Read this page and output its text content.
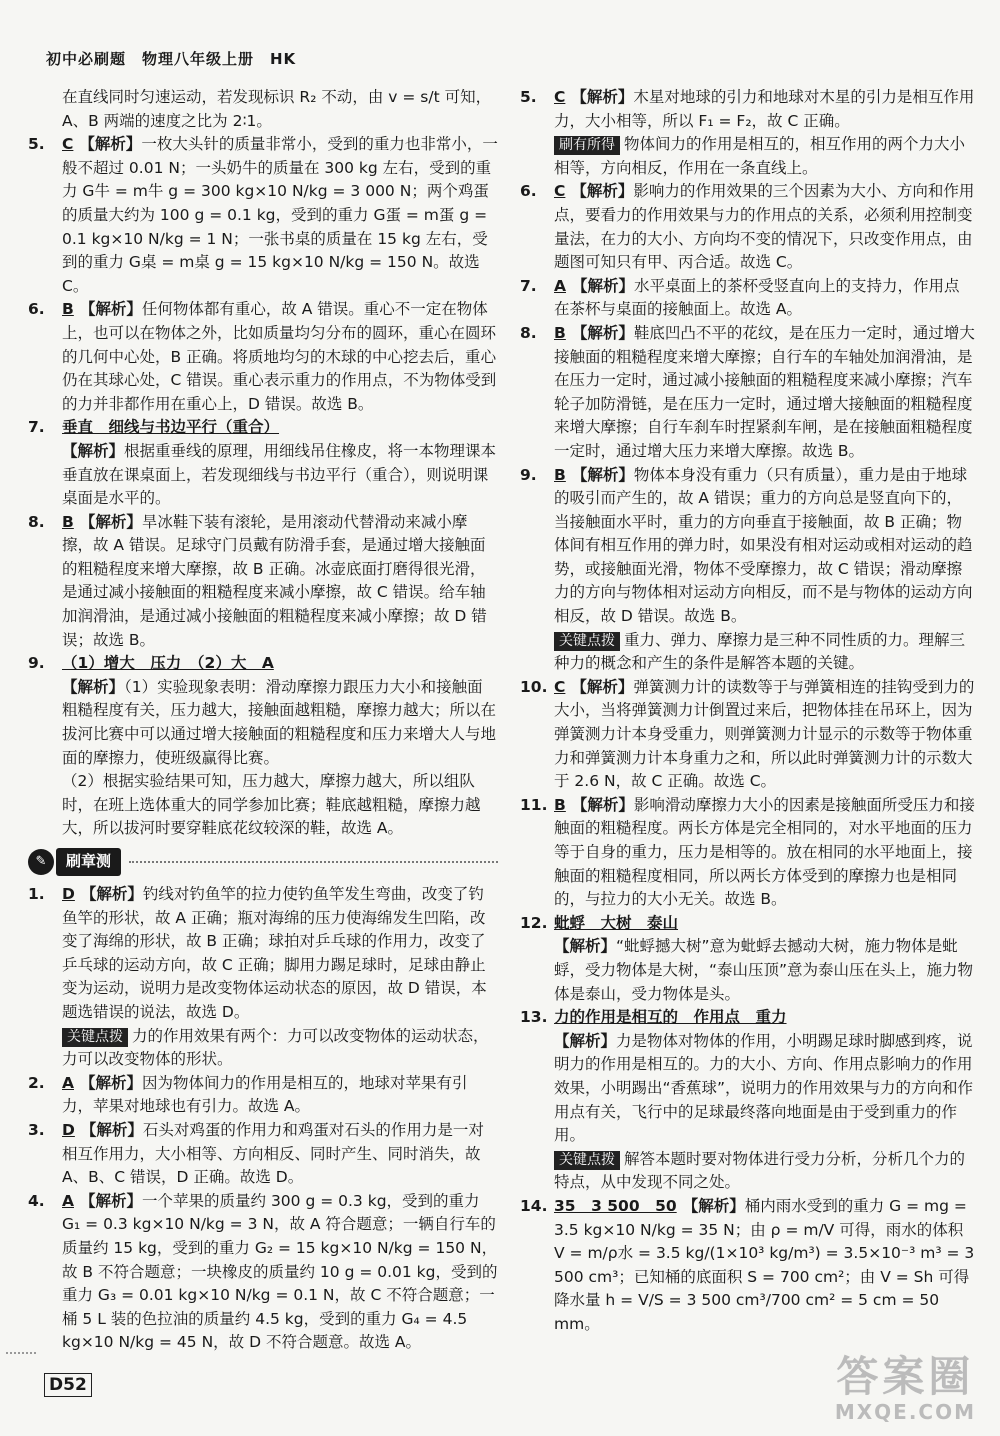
初中必刷题　物理八年级上册　HK

在直线同时匀速运动，若发现标识 R₂ 不动，由 v = s/t 可知，A、B 两端的速度之比为 2∶1。

5. C 【解析】一枚大头针的质量非常小，受到的重力也非常小，一般不超过 0.01 N；一头奶牛的质量在 300 kg 左右，受到的重力 G牛 = m牛 g = 300 kg×10 N/kg = 3 000 N；两个鸡蛋的质量大约为 100 g = 0.1 kg，受到的重力 G蛋 = m蛋 g = 0.1 kg×10 N/kg = 1 N；一张书桌的质量在 15 kg 左右，受到的重力 G桌 = m桌 g = 15 kg×10 N/kg = 150 N。故选 C。

6. B 【解析】任何物体都有重心，故 A 错误。重心不一定在物体上，也可以在物体之外，比如质量均匀分布的圆环，重心在圆环的几何中心处，B 正确。将质地均匀的木球的中心挖去后，重心仍在其球心处，C 错误。重心表示重力的作用点，不为物体受到的力并非都作用在重心上，D 错误。故选 B。

7. 垂直　细线与书边平行（重合）

【解析】根据重垂线的原理，用细线吊住橡皮，将一本物理课本垂直放在课桌面上，若发现细线与书边平行（重合），则说明课桌面是水平的。

8. B 【解析】旱冰鞋下装有滚轮，是用滚动代替滑动来减小摩擦，故 A 错误。足球守门员戴有防滑手套，是通过增大接触面的粗糙程度来增大摩擦，故 B 正确。冰壶底面打磨得很光滑，是通过减小接触面的粗糙程度来减小摩擦，故 C 错误。给车轴加润滑油，是通过减小接触面的粗糙程度来减小摩擦；故 D 错误；故选 B。

9. （1）增大　压力　（2）大　A

【解析】（1）实验现象表明：滑动摩擦力跟压力大小和接触面粗糙程度有关，压力越大，接触面越粗糙，摩擦力越大；所以在拔河比赛中可以通过增大接触面的粗糙程度和压力来增大人与地面的摩擦力，使班级赢得比赛。

（2）根据实验结果可知，压力越大，摩擦力越大，所以组队时，在班上选体重大的同学参加比赛；鞋底越粗糙，摩擦力越大，所以拔河时要穿鞋底花纹较深的鞋，故选 A。

✎	刷章测

1. D 【解析】钓线对钓鱼竿的拉力使钓鱼竿发生弯曲，改变了钓鱼竿的形状，故 A 正确；瓶对海绵的压力使海绵发生凹陷，改变了海绵的形状，故 B 正确；球拍对乒乓球的作用力，改变了乒乓球的运动方向，故 C 正确；脚用力踢足球时，足球由静止变为运动，说明力是改变物体运动状态的原因，故 D 错误，本题选错误的说法，故选 D。

关键点拨 力的作用效果有两个：力可以改变物体的运动状态，力可以改变物体的形状。

2. A 【解析】因为物体间力的作用是相互的，地球对苹果有引力，苹果对地球也有引力。故选 A。

3. D 【解析】石头对鸡蛋的作用力和鸡蛋对石头的作用力是一对相互作用力，大小相等、方向相反、同时产生、同时消失，故 A、B、C 错误，D 正确。故选 D。

4. A 【解析】一个苹果的质量约 300 g = 0.3 kg，受到的重力 G₁ = 0.3 kg×10 N/kg = 3 N，故 A 符合题意；一辆自行车的质量约 15 kg，受到的重力 G₂ = 15 kg×10 N/kg = 150 N，故 B 不符合题意；一块橡皮的质量约 10 g = 0.01 kg，受到的重力 G₃ = 0.01 kg×10 N/kg = 0.1 N，故 C 不符合题意；一桶 5 L 装的色拉油的质量约 4.5 kg，受到的重力 G₄ = 4.5 kg×10 N/kg = 45 N，故 D 不符合题意。故选 A。

5. C 【解析】木星对地球的引力和地球对木星的引力是相互作用力，大小相等，所以 F₁ = F₂，故 C 正确。

刷有所得 物体间力的作用是相互的，相互作用的两个力大小相等，方向相反，作用在一条直线上。

6. C 【解析】影响力的作用效果的三个因素为大小、方向和作用点，要看力的作用效果与力的作用点的关系，必须利用控制变量法，在力的大小、方向均不变的情况下，只改变作用点，由题图可知只有甲、丙合适。故选 C。

7. A 【解析】水平桌面上的茶杯受竖直向上的支持力，作用点在茶杯与桌面的接触面上。故选 A。

8. B 【解析】鞋底凹凸不平的花纹，是在压力一定时，通过增大接触面的粗糙程度来增大摩擦；自行车的车轴处加润滑油，是在压力一定时，通过减小接触面的粗糙程度来减小摩擦；汽车轮子加防滑链，是在压力一定时，通过增大接触面的粗糙程度来增大摩擦；自行车刹车时捏紧刹车闸，是在接触面粗糙程度一定时，通过增大压力来增大摩擦。故选 B。

9. B 【解析】物体本身没有重力（只有质量），重力是由于地球的吸引而产生的，故 A 错误；重力的方向总是竖直向下的，当接触面水平时，重力的方向垂直于接触面，故 B 正确；物体间有相互作用的弹力时，如果没有相对运动或相对运动的趋势，或接触面光滑，物体不受摩擦力，故 C 错误；滑动摩擦力的方向与物体相对运动方向相反，而不是与物体的运动方向相反，故 D 错误。故选 B。

关键点拨 重力、弹力、摩擦力是三种不同性质的力。理解三种力的概念和产生的条件是解答本题的关键。

10. C 【解析】弹簧测力计的读数等于与弹簧相连的挂钩受到力的大小，当将弹簧测力计倒置过来后，把物体挂在吊环上，因为弹簧测力计本身受重力，则弹簧测力计显示的示数等于物体重力和弹簧测力计本身重力之和，所以此时弹簧测力计的示数大于 2.6 N，故 C 正确。故选 C。

11. B 【解析】影响滑动摩擦力大小的因素是接触面所受压力和接触面的粗糙程度。两长方体是完全相同的，对水平地面的压力等于自身的重力，压力是相等的。放在相同的水平地面上，接触面的粗糙程度相同，所以两长方体受到的摩擦力也是相同的，与拉力的大小无关。故选 B。

12. 蚍蜉　大树　泰山

【解析】“蚍蜉撼大树”意为蚍蜉去撼动大树，施力物体是蚍蜉，受力物体是大树，“泰山压顶”意为泰山压在头上，施力物体是泰山，受力物体是头。

13. 力的作用是相互的　作用点　重力

【解析】力是物体对物体的作用，小明踢足球时脚感到疼，说明力的作用是相互的。力的大小、方向、作用点影响力的作用效果，小明踢出“香蕉球”，说明力的作用效果与力的方向和作用点有关，飞行中的足球最终落向地面是由于受到重力的作用。

关键点拨 解答本题时要对物体进行受力分析，分析几个力的特点，从中发现不同之处。

14. 35　3 500　50 【解析】桶内雨水受到的重力 G = mg = 3.5 kg×10 N/kg = 35 N；由 ρ = m/V 可得，雨水的体积 V = m/ρ水 = 3.5 kg/(1×10³ kg/m³) = 3.5×10⁻³ m³ = 3 500 cm³；已知桶的底面积 S = 700 cm²；由 V = Sh 可得降水量 h = V/S = 3 500 cm³/700 cm² = 5 cm = 50 mm。

D52	答案圈
MXQE.COM
